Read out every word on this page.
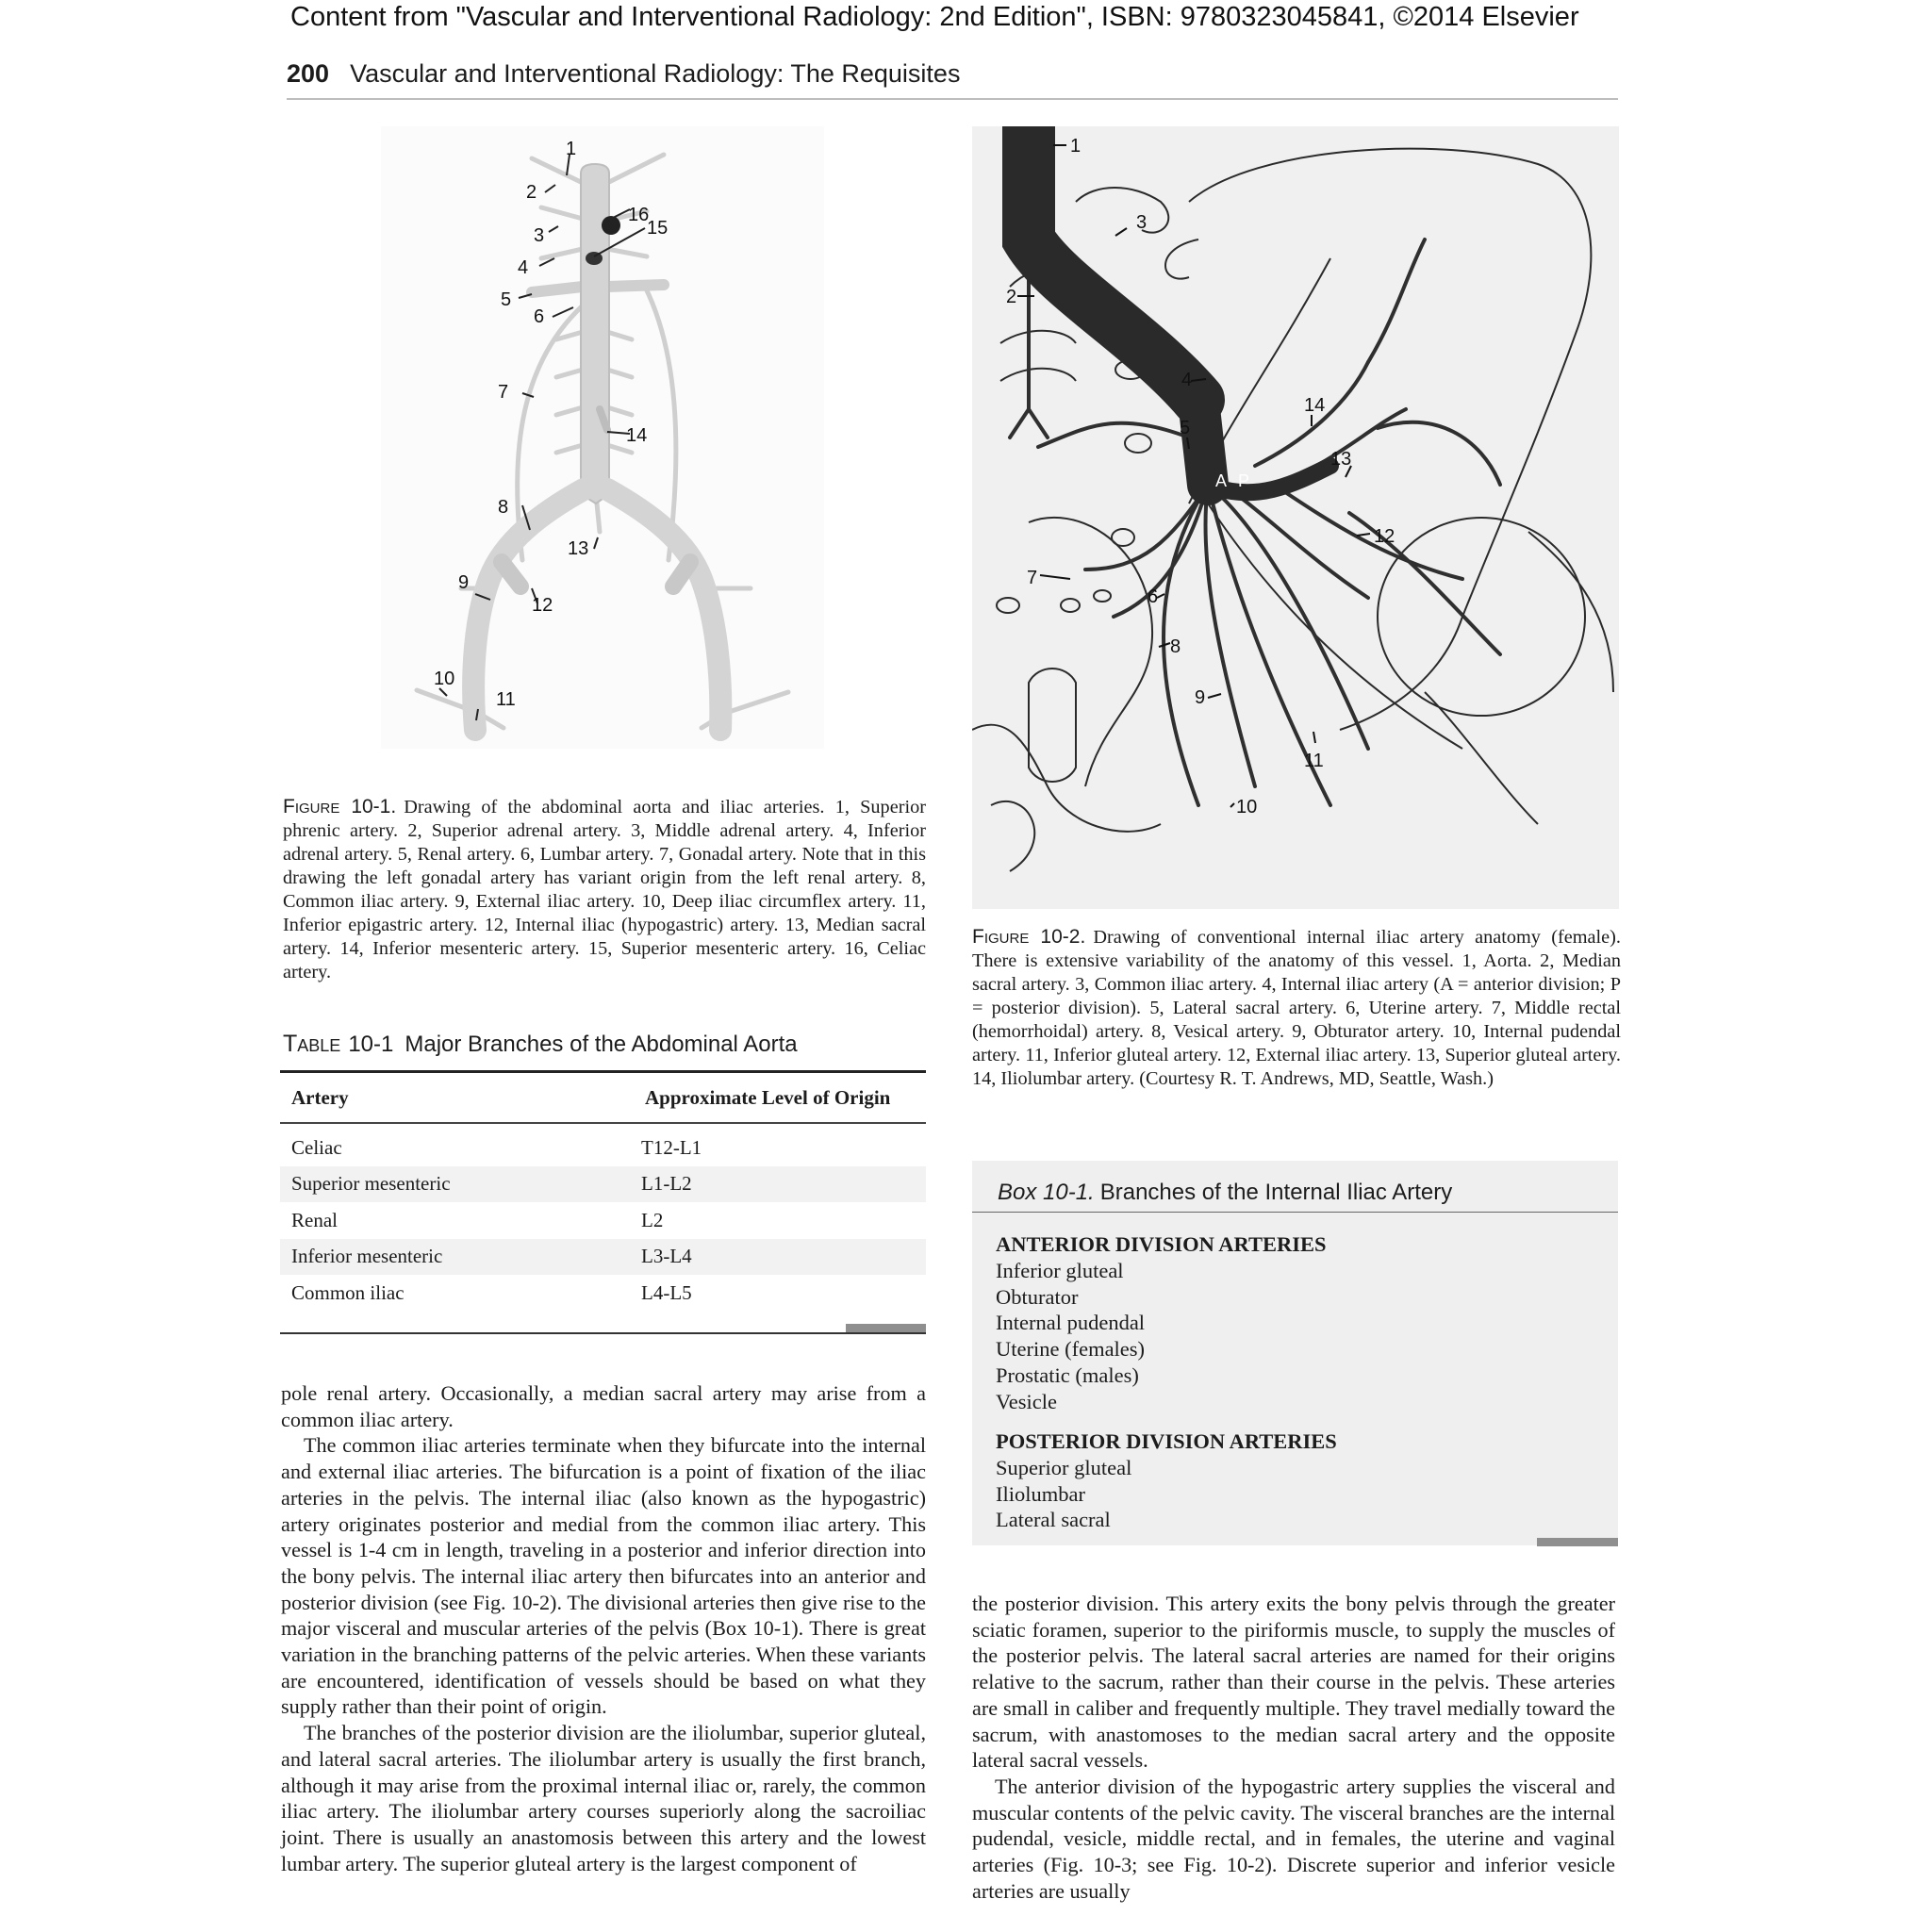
Content from "Vascular and Interventional Radiology: 2nd Edition", ISBN: 9780323045841, ©2014 Elsevier
200 Vascular and Interventional Radiology: The Requisites
1
2
3
4
5
6
7
8
9
10
11
12
13
14
15
16
Figure 10-1. Drawing of the abdominal aorta and iliac arteries. 1, Superior phrenic artery. 2, Superior adrenal artery. 3, Middle adrenal artery. 4, Inferior adrenal artery. 5, Renal artery. 6, Lumbar artery. 7, Gonadal artery. Note that in this drawing the left gonadal artery has variant origin from the left renal artery. 8, Common iliac artery. 9, External iliac artery. 10, Deep iliac circumflex artery. 11, Inferior epigastric artery. 12, Internal iliac (hypogastric) artery. 13, Median sacral artery. 14, Inferior mesenteric artery. 15, Superior mesenteric artery. 16, Celiac artery.
1
2
3
4
5
14
13
12
7
6
8
9
11
10
A P
Figure 10-2. Drawing of conventional internal iliac artery anatomy (female). There is extensive variability of the anatomy of this vessel. 1, Aorta. 2, Median sacral artery. 3, Common iliac artery. 4, Internal iliac artery (A = anterior division; P = posterior division). 5, Lateral sacral artery. 6, Uterine artery. 7, Middle rectal (hemorrhoidal) artery. 8, Vesical artery. 9, Obturator artery. 10, Internal pudendal artery. 11, Inferior gluteal artery. 12, External iliac artery. 13, Superior gluteal artery. 14, Iliolumbar artery. (Courtesy R. T. Andrews, MD, Seattle, Wash.)
Table 10-1 Major Branches of the Abdominal Aorta
Artery	Approximate Level of Origin
Celiac	T12-L1
Superior mesenteric	L1-L2
Renal	L2
Inferior mesenteric	L3-L4
Common iliac	L4-L5
Box 10-1. Branches of the Internal Iliac Artery
ANTERIOR DIVISION ARTERIES
Inferior gluteal
Obturator
Internal pudendal
Uterine (females)
Prostatic (males)
Vesicle
POSTERIOR DIVISION ARTERIES
Superior gluteal
Iliolumbar
Lateral sacral

pole renal artery. Occasionally, a median sacral artery may arise from a common iliac artery.

The common iliac arteries terminate when they bifurcate into the internal and external iliac arteries. The bifurcation is a point of fixation of the iliac arteries in the pelvis. The internal iliac (also known as the hypogastric) artery originates posterior and medial from the common iliac artery. This vessel is 1-4 cm in length, traveling in a posterior and inferior direction into the bony pelvis. The internal iliac artery then bifurcates into an anterior and posterior division (see Fig. 10-2). The divisional arteries then give rise to the major visceral and muscular arteries of the pelvis (Box 10-1). There is great variation in the branching patterns of the pelvic arteries. When these variants are encountered, identification of vessels should be based on what they supply rather than their point of origin.

The branches of the posterior division are the iliolumbar, superior gluteal, and lateral sacral arteries. The iliolumbar artery is usually the first branch, although it may arise from the proximal internal iliac or, rarely, the common iliac artery. The iliolumbar artery courses superiorly along the sacroiliac joint. There is usually an anastomosis between this artery and the lowest lumbar artery. The superior gluteal artery is the largest component of

the posterior division. This artery exits the bony pelvis through the greater sciatic foramen, superior to the piriformis muscle, to supply the muscles of the posterior pelvis. The lateral sacral arteries are named for their origins relative to the sacrum, rather than their course in the pelvis. These arteries are small in caliber and frequently multiple. They travel medially toward the sacrum, with anastomoses to the median sacral artery and the opposite lateral sacral vessels.

The anterior division of the hypogastric artery supplies the visceral and muscular contents of the pelvic cavity. The visceral branches are the internal pudendal, vesicle, middle rectal, and in females, the uterine and vaginal arteries (Fig. 10-3; see Fig. 10-2). Discrete superior and inferior vesicle arteries are usually
